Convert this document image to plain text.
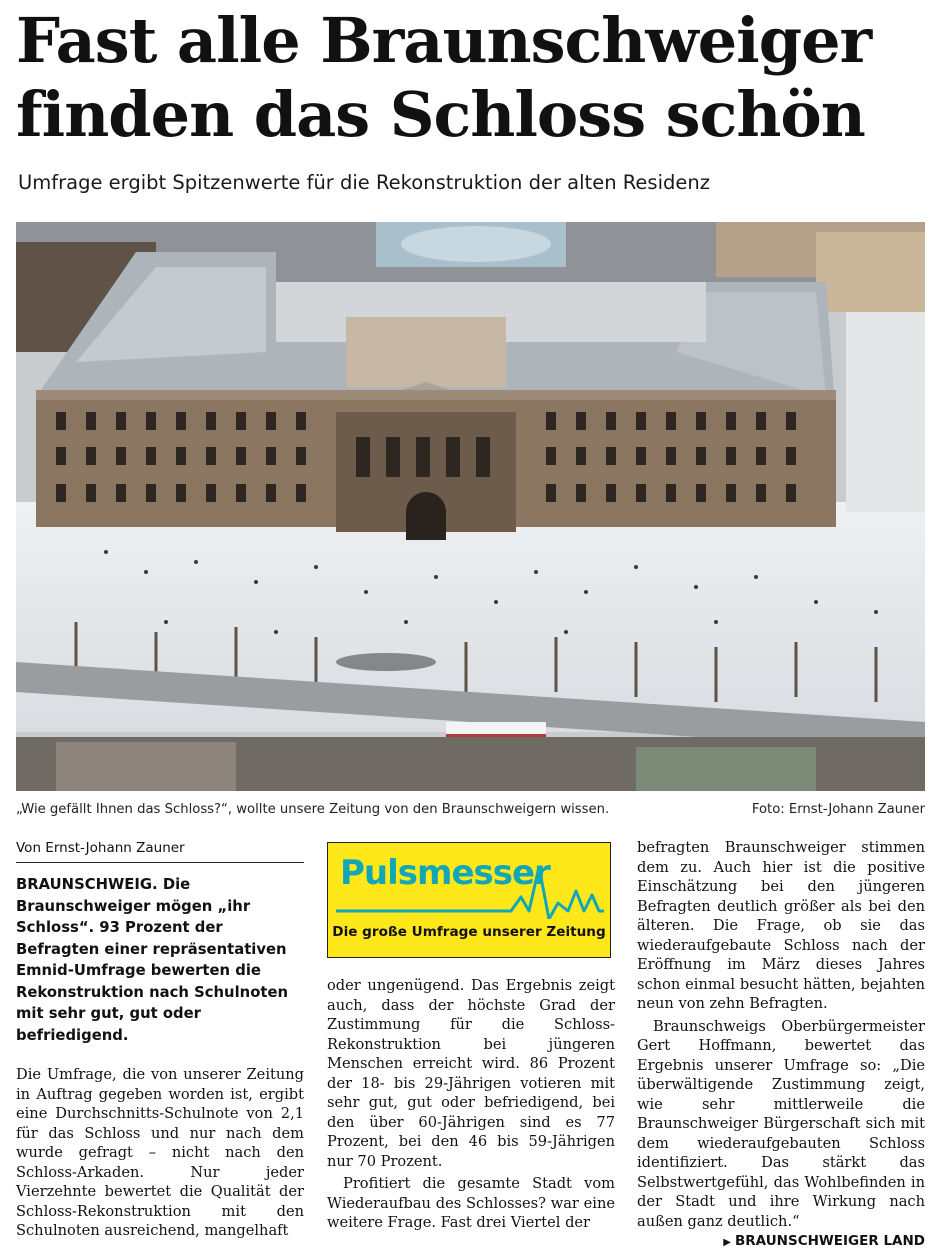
Fast alle Braunschweiger finden das Schloss schön
Umfrage ergibt Spitzenwerte für die Rekonstruktion der alten Residenz
„Wie gefällt Ihnen das Schloss?“, wollte unsere Zeitung von den Braunschweigern wissen.	Foto: Ernst-Johann Zauner
Von Ernst-Johann Zauner
BRAUNSCHWEIG. Die Braunschweiger mögen „ihr Schloss“. 93 Prozent der Befragten einer repräsentativen Emnid-Umfrage bewerten die Rekonstruktion nach Schulnoten mit sehr gut, gut oder befriedigend.

Die Umfrage, die von unserer Zeitung in Auftrag gegeben worden ist, ergibt eine Durchschnitts-Schulnote von 2,1 für das Schloss und nur nach dem wurde gefragt – nicht nach den Schloss-Arkaden. Nur jeder Vierzehnte bewertet die Qualität der Schloss-Rekonstruktion mit den Schulnoten ausreichend, mangelhaft

Pulsmesser
Die große Umfrage unserer Zeitung

oder ungenügend. Das Ergebnis zeigt auch, dass der höchste Grad der Zustimmung für die Schloss-Rekonstruktion bei jüngeren Menschen erreicht wird. 86 Prozent der 18- bis 29-Jährigen votieren mit sehr gut, gut oder befriedigend, bei den über 60-Jährigen sind es 77 Prozent, bei den 46 bis 59-Jährigen nur 70 Prozent.

Profitiert die gesamte Stadt vom Wiederaufbau des Schlosses? war eine weitere Frage. Fast drei Viertel der

befragten Braunschweiger stimmen dem zu. Auch hier ist die positive Einschätzung bei den jüngeren Befragten deutlich größer als bei den älteren. Die Frage, ob sie das wiederaufgebaute Schloss nach der Eröffnung im März dieses Jahres schon einmal besucht hätten, bejahten neun von zehn Befragten.

Braunschweigs Oberbürgermeister Gert Hoffmann, bewertet das Ergebnis unserer Umfrage so: „Die überwältigende Zustimmung zeigt, wie sehr mittlerweile die Braunschweiger Bürgerschaft sich mit dem wiederaufgebauten Schloss identifiziert. Das stärkt das Selbstwertgefühl, das Wohlbefinden in der Stadt und ihre Wirkung nach außen ganz deutlich.“
▶ BRAUNSCHWEIGER LAND
